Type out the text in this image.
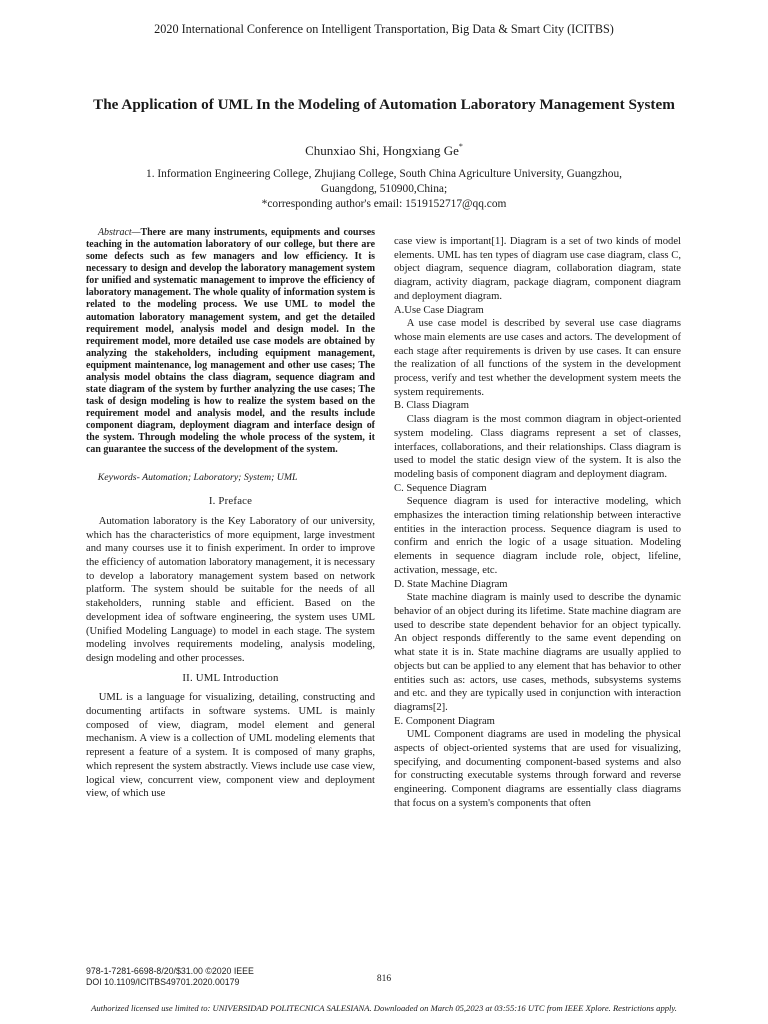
2020 International Conference on Intelligent Transportation, Big Data & Smart City (ICITBS)
The Application of UML In the Modeling of Automation Laboratory Management System
Chunxiao Shi, Hongxiang Ge*
1. Information Engineering College, Zhujiang College, South China Agriculture University, Guangzhou, Guangdong, 510900,China;
*corresponding author's email: 1519152717@qq.com

Abstract—There are many instruments, equipments and courses teaching in the automation laboratory of our college, but there are some defects such as few managers and low efficiency. It is necessary to design and develop the laboratory management system for unified and systematic management to improve the efficiency of laboratory management. The whole quality of information system is related to the modeling process. We use UML to model the automation laboratory management system, and get the detailed requirement model, analysis model and design model. In the requirement model, more detailed use case models are obtained by analyzing the stakeholders, including equipment management, equipment maintenance, log management and other use cases; The analysis model obtains the class diagram, sequence diagram and state diagram of the system by further analyzing the use cases; The task of design modeling is how to realize the system based on the requirement model and analysis model, and the results include component diagram, deployment diagram and interface design of the system. Through modeling the whole process of the system, it can guarantee the success of the development of the system.

Keywords- Automation; Laboratory; System; UML
I. Preface

Automation laboratory is the Key Laboratory of our university, which has the characteristics of more equipment, large investment and many courses use it to finish experiment. In order to improve the efficiency of automation laboratory management, it is necessary to develop a laboratory management system based on network platform. The system should be suitable for the needs of all stakeholders, running stable and efficient. Based on the development idea of software engineering, the system uses UML (Unified Modeling Language) to model in each stage. The system modeling involves requirements modeling, analysis modeling, design modeling and other processes.

II. UML Introduction

UML is a language for visualizing, detailing, constructing and documenting artifacts in software systems. UML is mainly composed of view, diagram, model element and general mechanism. A view is a collection of UML modeling elements that represent a feature of a system. It is composed of many graphs, which represent the system abstractly. Views include use case view, logical view, concurrent view, component view and deployment view, of which use

case view is important[1]. Diagram is a set of two kinds of model elements. UML has ten types of diagram use case diagram, class C, object diagram, sequence diagram, collaboration diagram, state diagram, activity diagram, package diagram, component diagram and deployment diagram.

A.Use Case Diagram

A use case model is described by several use case diagrams whose main elements are use cases and actors. The development of each stage after requirements is driven by use cases. It can ensure the realization of all functions of the system in the development process, verify and test whether the development system meets the system requirements.

B. Class Diagram

Class diagram is the most common diagram in object-oriented system modeling. Class diagrams represent a set of classes, interfaces, collaborations, and their relationships. Class diagram is used to model the static design view of the system. It is also the modeling basis of component diagram and deployment diagram.

C. Sequence Diagram

Sequence diagram is used for interactive modeling, which emphasizes the interaction timing relationship between interactive entities in the interaction process. Sequence diagram is used to confirm and enrich the logic of a usage situation. Modeling elements in sequence diagram include role, object, lifeline, activation, message, etc.

D. State Machine Diagram

State machine diagram is mainly used to describe the dynamic behavior of an object during its lifetime. State machine diagram are used to describe state dependent behavior for an object typically. An object responds differently to the same event depending on what state it is in. State machine diagrams are usually applied to objects but can be applied to any element that has behavior to other entities such as: actors, use cases, methods, subsystems systems and etc. and they are typically used in conjunction with interaction diagrams[2].

E. Component Diagram

UML Component diagrams are used in modeling the physical aspects of object-oriented systems that are used for visualizing, specifying, and documenting component-based systems and also for constructing executable systems through forward and reverse engineering. Component diagrams are essentially class diagrams that focus on a system's components that often

978-1-7281-6698-8/20/$31.00 ©2020 IEEE
DOI 10.1109/ICITBS49701.2020.00179	816
Authorized licensed use limited to: UNIVERSIDAD POLITECNICA SALESIANA. Downloaded on March 05,2023 at 03:55:16 UTC from IEEE Xplore. Restrictions apply.
